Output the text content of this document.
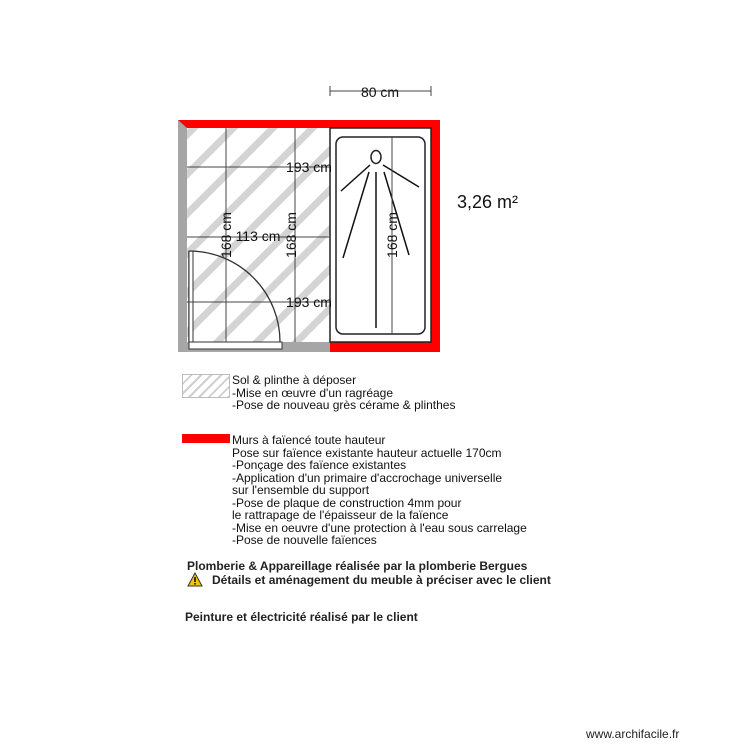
80 cm
193 cm
113 cm
193 cm
168 cm	168 cm	168 cm
3,26 m²
Sol & plinthe à déposer
-Mise en œuvre d'un ragréage
-Pose de nouveau grès cérame & plinthes
Murs à faïencé toute hauteur
Pose sur faïence existante hauteur actuelle 170cm
-Ponçage des faïence existantes
-Application d'un primaire d'accrochage universelle
sur l'ensemble du support
-Pose de plaque de construction 4mm pour
le rattrapage de l'épaisseur de la faïence
-Mise en oeuvre d'une protection à l'eau sous carrelage
-Pose de nouvelle faïences
Plomberie & Appareillage réalisée par la plomberie Bergues
Détails et aménagement du meuble à préciser avec le client
Peinture et électricité réalisé par le client
www.archifacile.fr
